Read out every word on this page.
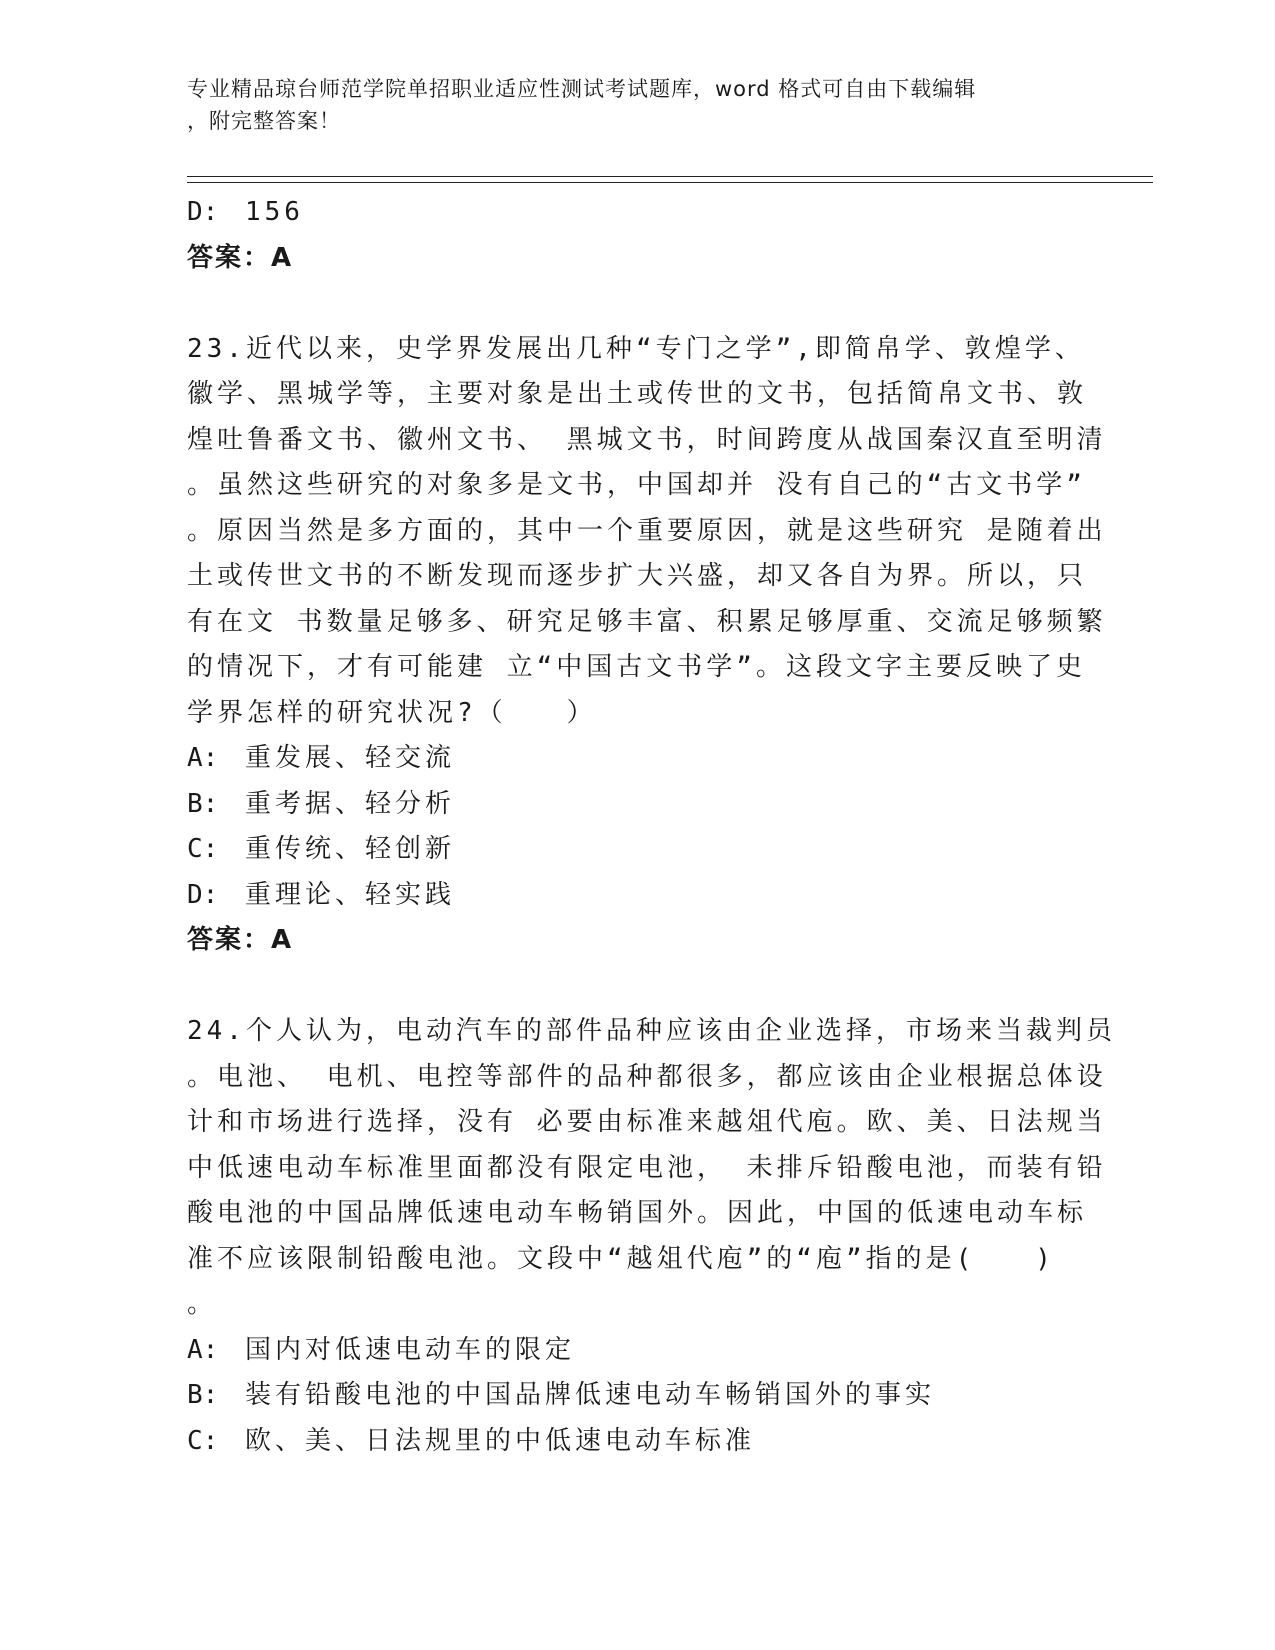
专业精品琼台师范学院单招职业适应性测试考试题库，word 格式可自由下载编辑
，附完整答案！
D: 156
答案：A
23.近代以来，史学界发展出几种“专门之学”,即简帛学、敦煌学、
徽学、黑城学等，主要对象是出土或传世的文书，包括简帛文书、敦
煌吐鲁番文书、徽州文书、 黑城文书，时间跨度从战国秦汉直至明清
。虽然这些研究的对象多是文书，中国却并 没有自己的“古文书学”
。原因当然是多方面的，其中一个重要原因，就是这些研究 是随着出
土或传世文书的不断发现而逐步扩大兴盛，却又各自为界。所以，只
有在文 书数量足够多、研究足够丰富、积累足够厚重、交流足够频繁
的情况下，才有可能建 立“中国古文书学”。这段文字主要反映了史
学界怎样的研究状况?（　　）
A: 重发展、轻交流
B: 重考据、轻分析
C: 重传统、轻创新
D: 重理论、轻实践
答案：A
24.个人认为，电动汽车的部件品种应该由企业选择，市场来当裁判员
。电池、 电机、电控等部件的品种都很多，都应该由企业根据总体设
计和市场进行选择，没有 必要由标准来越俎代庖。欧、美、日法规当
中低速电动车标准里面都没有限定电池， 未排斥铅酸电池，而装有铅
酸电池的中国品牌低速电动车畅销国外。因此，中国的低速电动车标
准不应该限制铅酸电池。文段中“越俎代庖”的“庖”指的是(　　)
。
A: 国内对低速电动车的限定
B: 装有铅酸电池的中国品牌低速电动车畅销国外的事实
C: 欧、美、日法规里的中低速电动车标准
